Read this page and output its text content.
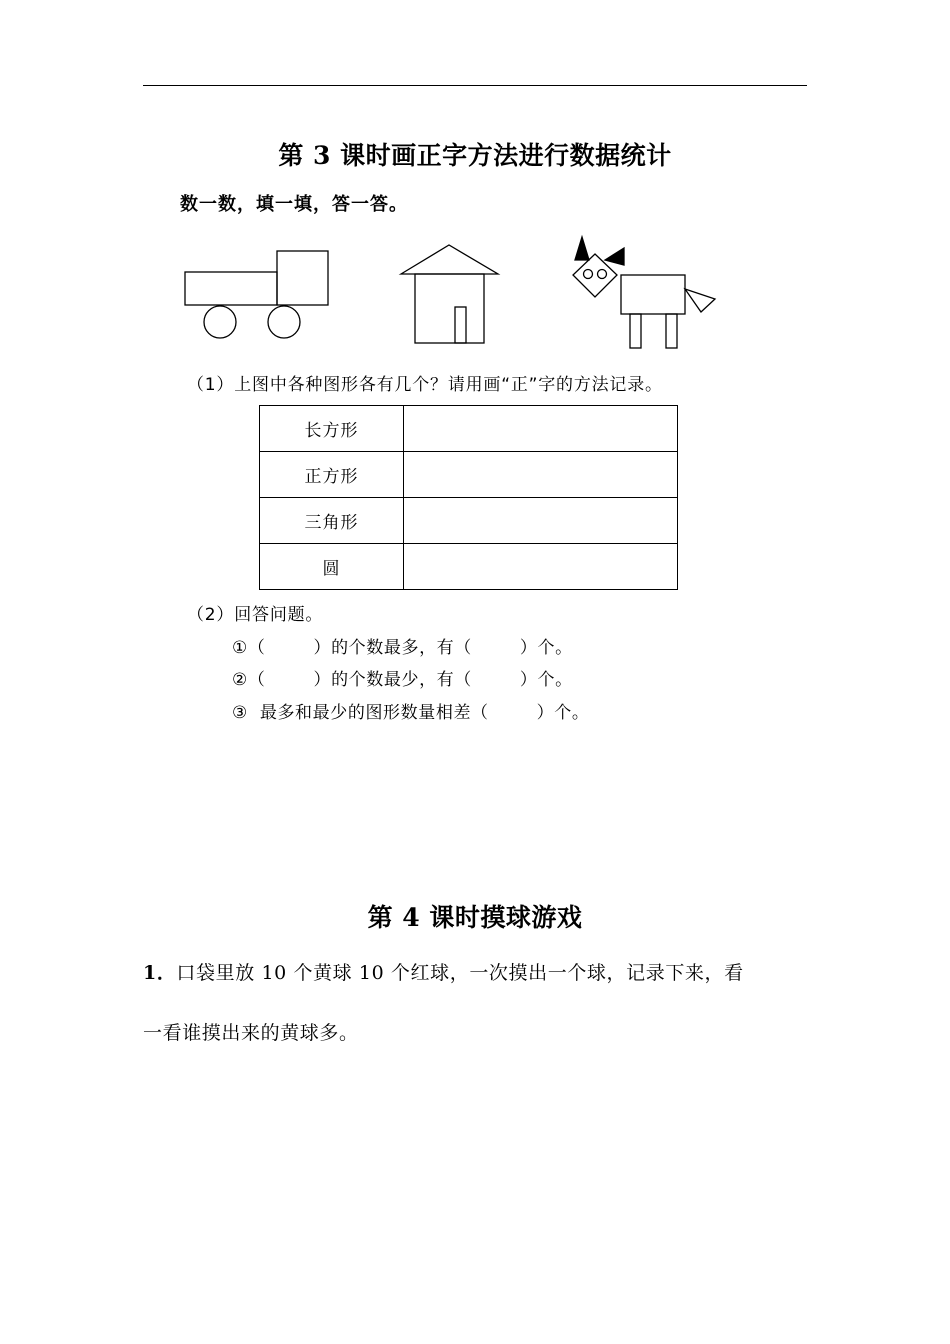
第 3 课时画正字方法进行数据统计
数一数，填一填，答一答。
（1）上图中各种图形各有几个？请用画“正”字的方法记录。
长方形	
正方形	
三角形	
圆	
（2）回答问题。
①（        ）的个数最多，有（        ）个。
②（        ）的个数最少，有（        ）个。
③  最多和最少的图形数量相差（        ）个。
第 4 课时摸球游戏
1．口袋里放 10 个黄球 10 个红球，一次摸出一个球，记录下来，看
一看谁摸出来的黄球多。
